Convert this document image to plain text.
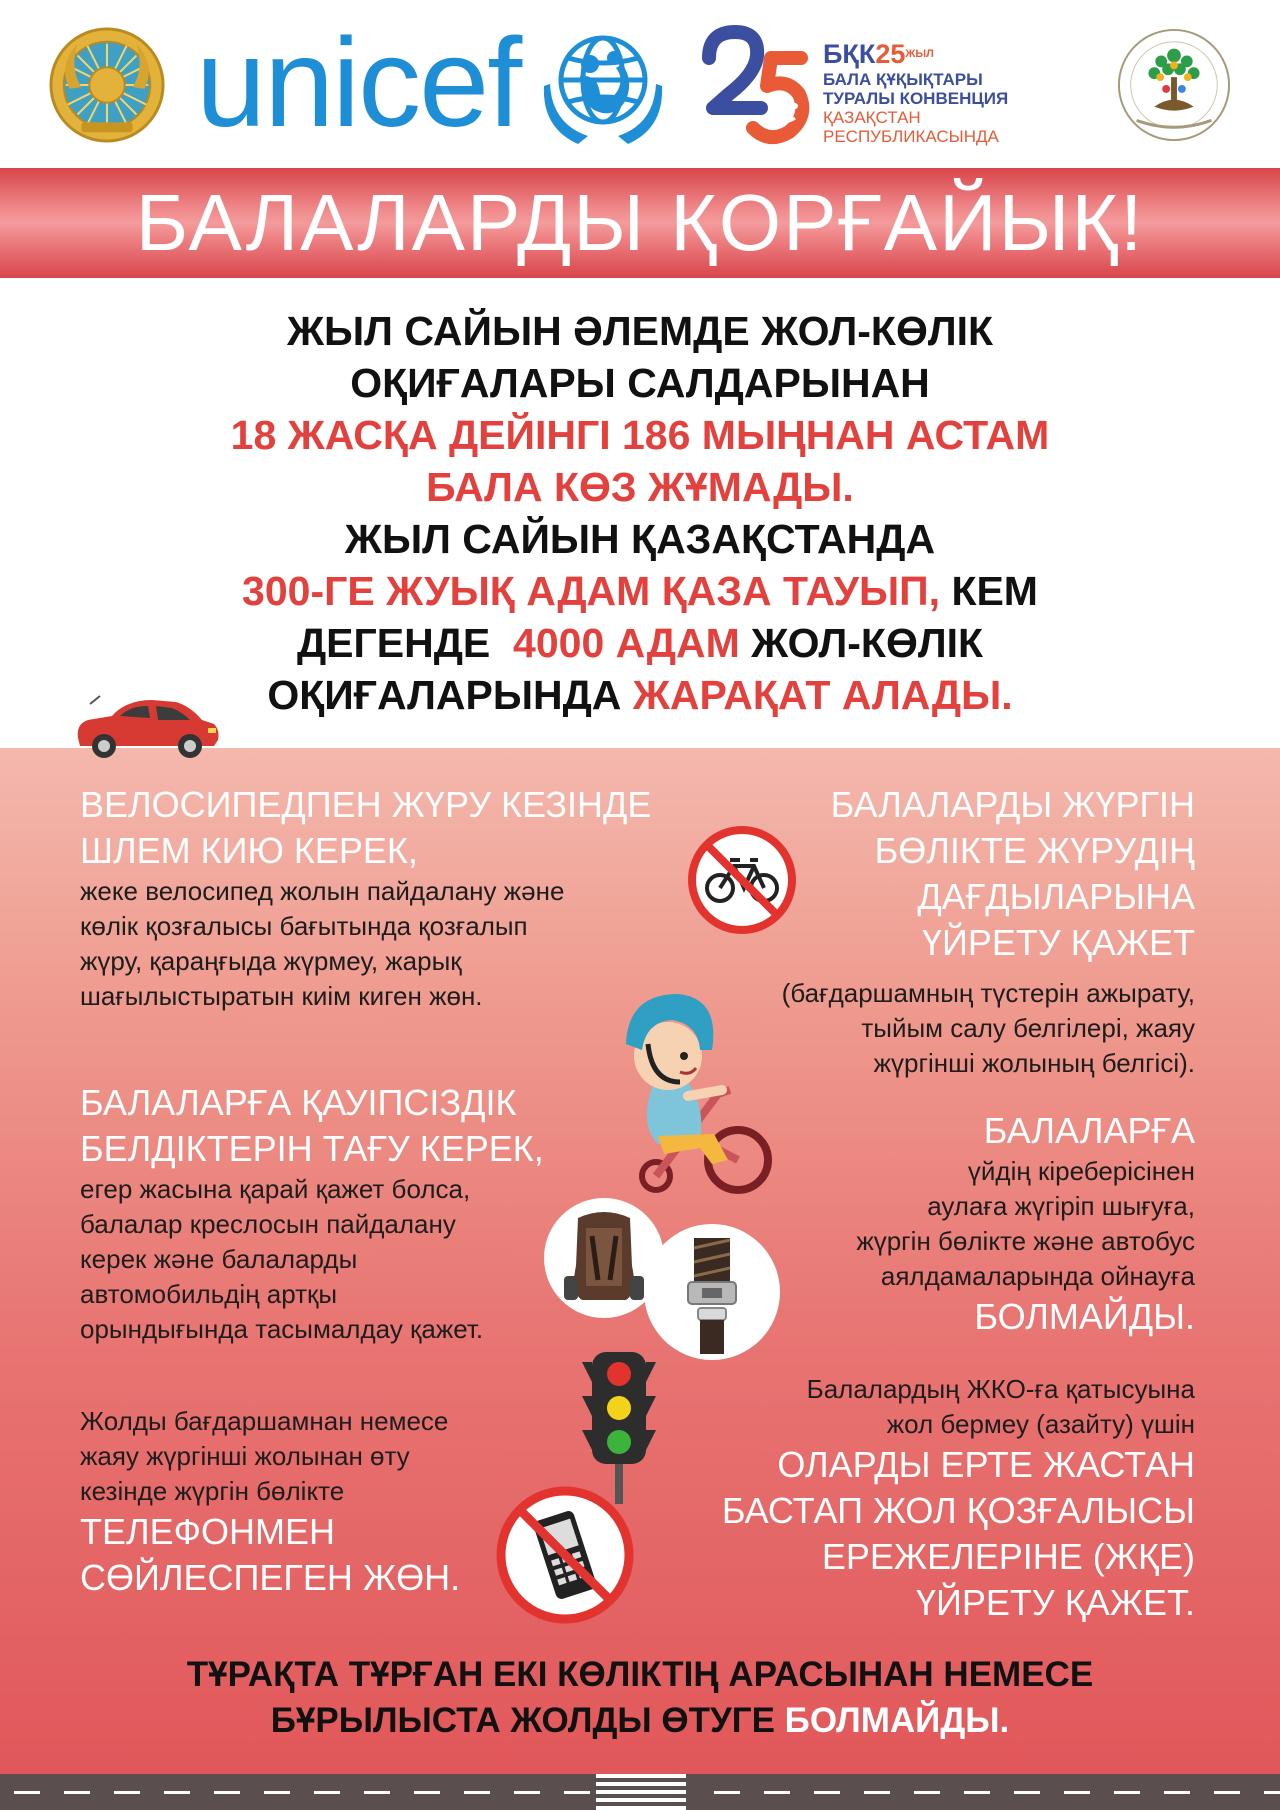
unicef	$БҚК25^{ЖЫЛ}$
БАЛА ҚҰҚЫҚТАРЫ
ТУРАЛЫ КОНВЕНЦИЯ
ҚАЗАҚСТАН РЕСПУБЛИКАСЫНДА
БАЛАЛАРДЫ ҚОРҒАЙЫҚ!
ЖЫЛ САЙЫН ӘЛЕМДЕ ЖОЛ-КӨЛІК
ОҚИҒАЛАРЫ САЛДАРЫНАН
18 ЖАСҚА ДЕЙІНГІ 186 МЫҢНАН АСТАМ
БАЛА КӨЗ ЖҰМАДЫ.
ЖЫЛ САЙЫН ҚАЗАҚСТАНДА
300-ГЕ ЖУЫҚ АДАМ ҚАЗА ТАУЫП, КЕМ
ДЕГЕНДЕ  4000 АДАМ ЖОЛ-КӨЛІК
ОҚИҒАЛАРЫНДА ЖАРАҚАТ АЛАДЫ.
ВЕЛОСИПЕДПЕН ЖҮРУ КЕЗІНДЕ
ШЛЕМ КИЮ КЕРЕК,
жеке велосипед жолын пайдалану және
көлік қозғалысы бағытында қозғалып
жүру, қараңғыда жүрмеу, жарық
шағылыстыратын киім киген жөн.
БАЛАЛАРДЫ ЖҮРГІН
БӨЛІКТЕ ЖҮРУДІҢ
ДАҒДЫЛАРЫНА
ҮЙРЕТУ ҚАЖЕТ
(бағдаршамның түстерін ажырату,
тыйым салу белгілері, жаяу
жүргінші жолының белгісі).
БАЛАЛАРҒА ҚАУІПСІЗДІК
БЕЛДІКТЕРІН ТАҒУ КЕРЕК,
егер жасына қарай қажет болса,
балалар креслосын пайдалану
керек және балаларды
автомобильдің артқы
орындығында тасымалдау қажет.
БАЛАЛАРҒА
үйдің кіреберісінен
аулаға жүгіріп шығуға,
жүргін бөлікте және автобус
аялдамаларында ойнауға
БОЛМАЙДЫ.
Жолды бағдаршамнан немесе
жаяу жүргінші жолынан өту
кезінде жүргін бөлікте
ТЕЛЕФОНМЕН
СӨЙЛЕСПЕГЕН ЖӨН.
Балалардың ЖКО-ға қатысуына
жол бермеу (азайту) үшін
ОЛАРДЫ ЕРТЕ ЖАСТАН
БАСТАП ЖОЛ ҚОЗҒАЛЫСЫ
ЕРЕЖЕЛЕРІНЕ (ЖҚЕ)
ҮЙРЕТУ ҚАЖЕТ.
ТҰРАҚТА ТҰРҒАН ЕКІ КӨЛІКТІҢ АРАСЫНАН НЕМЕСЕ
БҰРЫЛЫСТА ЖОЛДЫ ӨТУГЕ БОЛМАЙДЫ.
